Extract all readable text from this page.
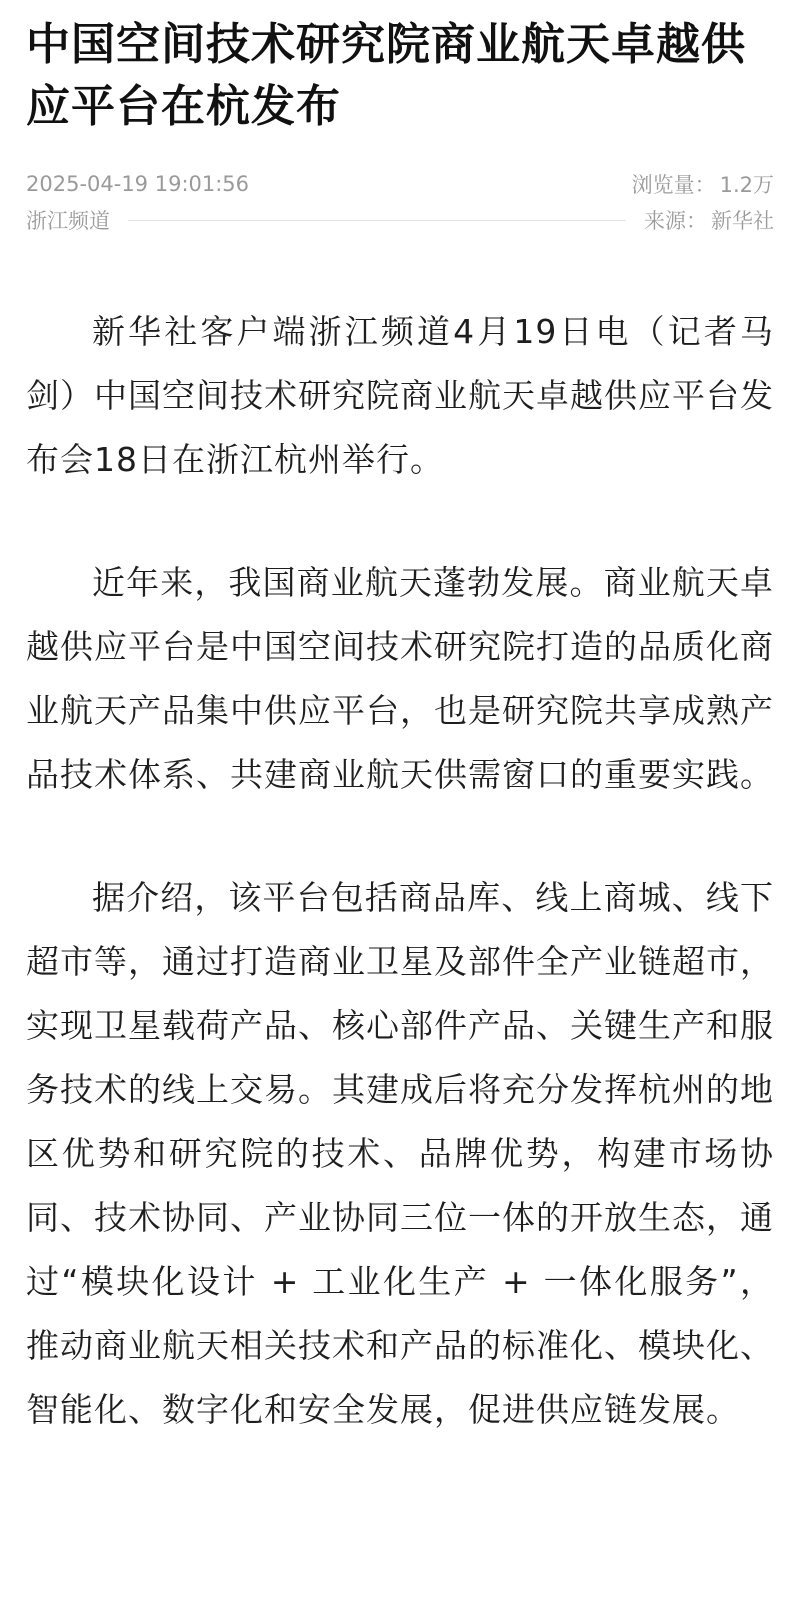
中国空间技术研究院商业航天卓越供应平台在杭发布
2025-04-19 19:01:56	浏览量： 1.2万
浙江频道	来源： 新华社

新华社客户端浙江频道4月19日电（记者马剑）中国空间技术研究院商业航天卓越供应平台发布会18日在浙江杭州举行。

近年来，我国商业航天蓬勃发展。商业航天卓越供应平台是中国空间技术研究院打造的品质化商业航天产品集中供应平台，也是研究院共享成熟产品技术体系、共建商业航天供需窗口的重要实践。

据介绍，该平台包括商品库、线上商城、线下超市等，通过打造商业卫星及部件全产业链超市，实现卫星载荷产品、核心部件产品、关键生产和服务技术的线上交易。其建成后将充分发挥杭州的地区优势和研究院的技术、品牌优势，构建市场协同、技术协同、产业协同三位一体的开放生态，通过“模块化设计 + 工业化生产 + 一体化服务”，推动商业航天相关技术和产品的标准化、模块化、智能化、数字化和安全发展，促进供应链发展。
